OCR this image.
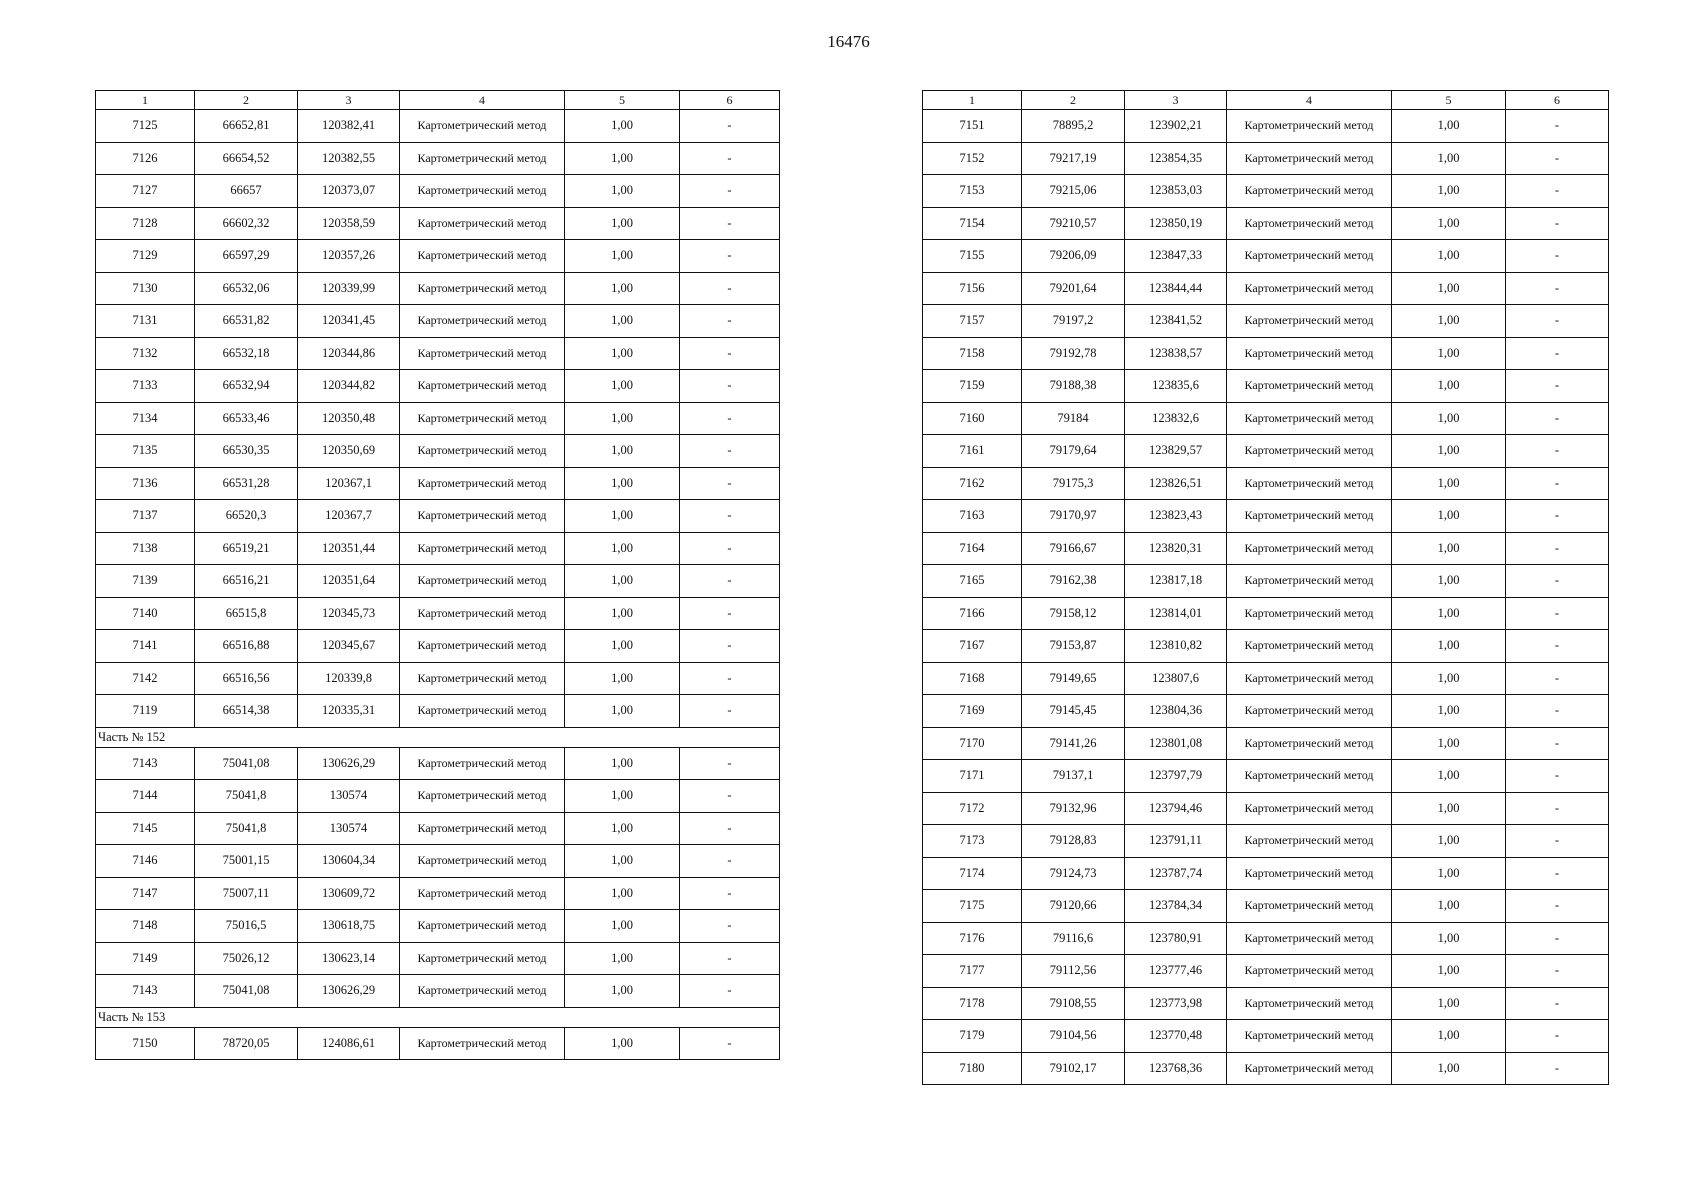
16476
1	2	3	4	5	6
7125	66652,81	120382,41	Картометрический метод	1,00	-
7126	66654,52	120382,55	Картометрический метод	1,00	-
7127	66657	120373,07	Картометрический метод	1,00	-
7128	66602,32	120358,59	Картометрический метод	1,00	-
7129	66597,29	120357,26	Картометрический метод	1,00	-
7130	66532,06	120339,99	Картометрический метод	1,00	-
7131	66531,82	120341,45	Картометрический метод	1,00	-
7132	66532,18	120344,86	Картометрический метод	1,00	-
7133	66532,94	120344,82	Картометрический метод	1,00	-
7134	66533,46	120350,48	Картометрический метод	1,00	-
7135	66530,35	120350,69	Картометрический метод	1,00	-
7136	66531,28	120367,1	Картометрический метод	1,00	-
7137	66520,3	120367,7	Картометрический метод	1,00	-
7138	66519,21	120351,44	Картометрический метод	1,00	-
7139	66516,21	120351,64	Картометрический метод	1,00	-
7140	66515,8	120345,73	Картометрический метод	1,00	-
7141	66516,88	120345,67	Картометрический метод	1,00	-
7142	66516,56	120339,8	Картометрический метод	1,00	-
7119	66514,38	120335,31	Картометрический метод	1,00	-
Часть № 152					
7143	75041,08	130626,29	Картометрический метод	1,00	-
7144	75041,8	130574	Картометрический метод	1,00	-
7145	75041,8	130574	Картометрический метод	1,00	-
7146	75001,15	130604,34	Картометрический метод	1,00	-
7147	75007,11	130609,72	Картометрический метод	1,00	-
7148	75016,5	130618,75	Картометрический метод	1,00	-
7149	75026,12	130623,14	Картометрический метод	1,00	-
7143	75041,08	130626,29	Картометрический метод	1,00	-
Часть № 153					
7150	78720,05	124086,61	Картометрический метод	1,00	-
1	2	3	4	5	6
7151	78895,2	123902,21	Картометрический метод	1,00	-
7152	79217,19	123854,35	Картометрический метод	1,00	-
7153	79215,06	123853,03	Картометрический метод	1,00	-
7154	79210,57	123850,19	Картометрический метод	1,00	-
7155	79206,09	123847,33	Картометрический метод	1,00	-
7156	79201,64	123844,44	Картометрический метод	1,00	-
7157	79197,2	123841,52	Картометрический метод	1,00	-
7158	79192,78	123838,57	Картометрический метод	1,00	-
7159	79188,38	123835,6	Картометрический метод	1,00	-
7160	79184	123832,6	Картометрический метод	1,00	-
7161	79179,64	123829,57	Картометрический метод	1,00	-
7162	79175,3	123826,51	Картометрический метод	1,00	-
7163	79170,97	123823,43	Картометрический метод	1,00	-
7164	79166,67	123820,31	Картометрический метод	1,00	-
7165	79162,38	123817,18	Картометрический метод	1,00	-
7166	79158,12	123814,01	Картометрический метод	1,00	-
7167	79153,87	123810,82	Картометрический метод	1,00	-
7168	79149,65	123807,6	Картометрический метод	1,00	-
7169	79145,45	123804,36	Картометрический метод	1,00	-
7170	79141,26	123801,08	Картометрический метод	1,00	-
7171	79137,1	123797,79	Картометрический метод	1,00	-
7172	79132,96	123794,46	Картометрический метод	1,00	-
7173	79128,83	123791,11	Картометрический метод	1,00	-
7174	79124,73	123787,74	Картометрический метод	1,00	-
7175	79120,66	123784,34	Картометрический метод	1,00	-
7176	79116,6	123780,91	Картометрический метод	1,00	-
7177	79112,56	123777,46	Картометрический метод	1,00	-
7178	79108,55	123773,98	Картометрический метод	1,00	-
7179	79104,56	123770,48	Картометрический метод	1,00	-
7180	79102,17	123768,36	Картометрический метод	1,00	-
